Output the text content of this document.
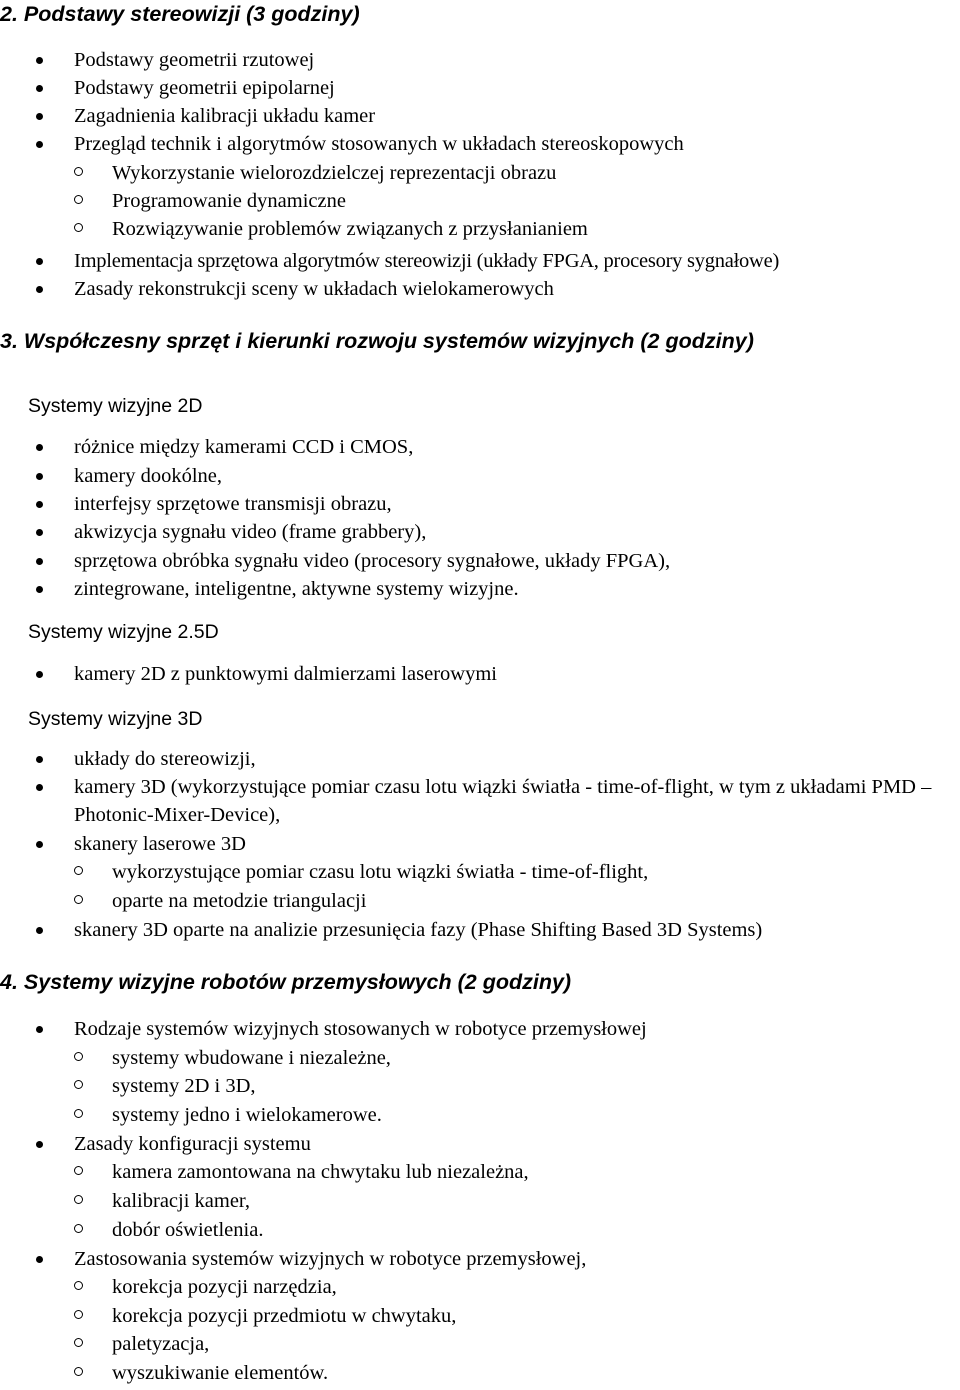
2. Podstawy stereowizji (3 godziny)
Podstawy geometrii rzutowej
Podstawy geometrii epipolarnej
Zagadnienia kalibracji układu kamer
Przegląd technik i algorytmów stosowanych w układach stereoskopowych
Wykorzystanie wielorozdzielczej reprezentacji obrazu
Programowanie dynamiczne
Rozwiązywanie problemów związanych z przysłanianiem
Implementacja sprzętowa algorytmów stereowizji (układy FPGA, procesory sygnałowe)
Zasady rekonstrukcji sceny w układach wielokamerowych
3. Współczesny sprzęt i kierunki rozwoju systemów wizyjnych (2 godziny)
Systemy wizyjne 2D
różnice między kamerami CCD i CMOS,
kamery dookólne,
interfejsy sprzętowe transmisji obrazu,
akwizycja sygnału video (frame grabbery),
sprzętowa obróbka sygnału video (procesory sygnałowe, układy FPGA),
zintegrowane, inteligentne, aktywne systemy wizyjne.
Systemy wizyjne 2.5D
kamery 2D z punktowymi dalmierzami laserowymi
Systemy wizyjne 3D
układy do stereowizji,
kamery 3D (wykorzystujące pomiar czasu lotu wiązki światła - time-of-flight, w tym z układami PMD – Photonic-Mixer-Device),
skanery laserowe 3D
wykorzystujące pomiar czasu lotu wiązki światła - time-of-flight,
oparte na metodzie triangulacji
skanery 3D oparte na analizie przesunięcia fazy (Phase Shifting Based 3D Systems)
4. Systemy wizyjne robotów przemysłowych (2 godziny)
Rodzaje systemów wizyjnych stosowanych w robotyce przemysłowej
systemy wbudowane i niezależne,
systemy 2D i 3D,
systemy jedno i wielokamerowe.
Zasady konfiguracji systemu
kamera zamontowana na chwytaku lub niezależna,
kalibracji kamer,
dobór oświetlenia.
Zastosowania systemów wizyjnych w robotyce przemysłowej,
korekcja pozycji narzędzia,
korekcja pozycji przedmiotu w chwytaku,
paletyzacja,
wyszukiwanie elementów.
